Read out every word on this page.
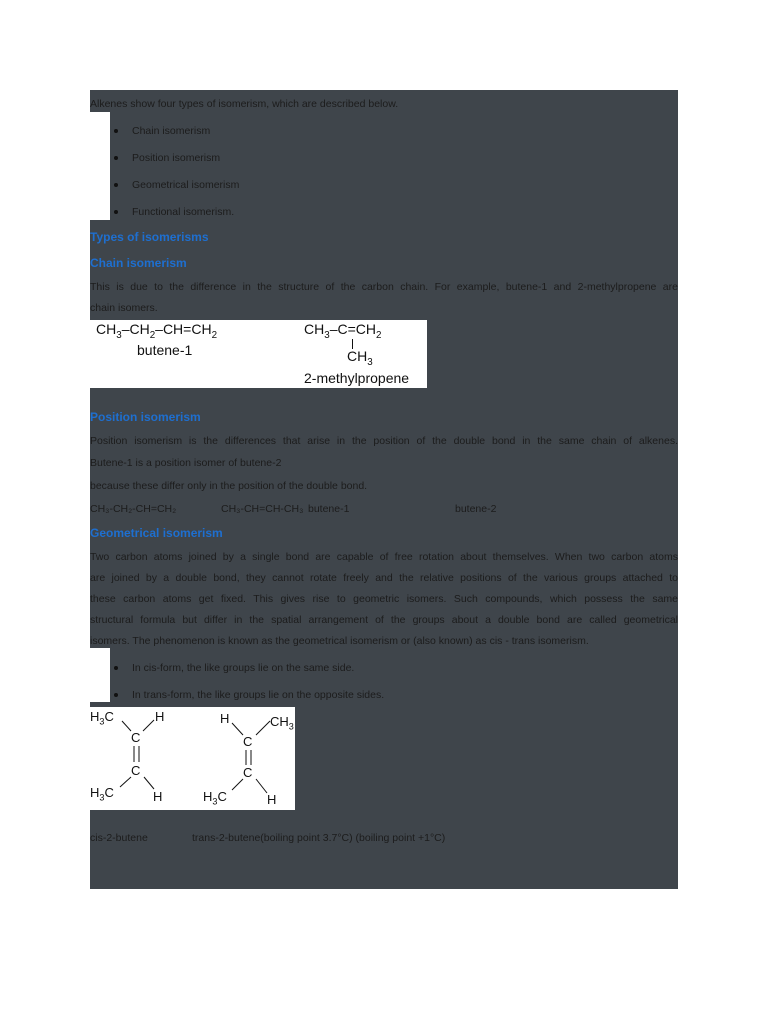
Alkenes show four types of isomerism, which are described below.
Chain isomerism
Position isomerism
Geometrical isomerism
Functional isomerism.
Types of isomerisms
Chain isomerism
This is due to the difference in the structure of the carbon chain. For example, butene-1 and 2-methylpropene are
chain isomers.
$CH_3-CH_2-CH=CH_2$
butene-1
$CH_3-C=CH_2$
$CH_3$
2-methylpropene
Position isomerism
Position isomerism is the differences that arise in the position of the double bond in the same chain of alkenes.
Butene-1 is a position isomer of butene-2
because these differ only in the position of the double bond.
CH₃-CH₂-CH=CH₂	CH₃-CH=CH-CH₃ butene-1	butene-2
Geometrical isomerism
Two carbon atoms joined by a single bond are capable of free rotation about themselves. When two carbon atoms
are joined by a double bond, they cannot rotate freely and the relative positions of the various groups attached to
these carbon atoms get fixed. This gives rise to geometric isomers. Such compounds, which possess the same
structural formula but differ in the spatial arrangement of the groups about a double bond are called geometrical
isomers. The phenomenon is known as the geometrical isomerism or (also known) as cis - trans isomerism.
In cis-form, the like groups lie on the same side.
In trans-form, the like groups lie on the opposite sides.
$H_3C$	H
C
C
$H_3C$	H
H	$CH_3$
C
C
$H_3C$	H
cis-2-butene	trans-2-butene(boiling point 3.7°C) (boiling point +1°C)
